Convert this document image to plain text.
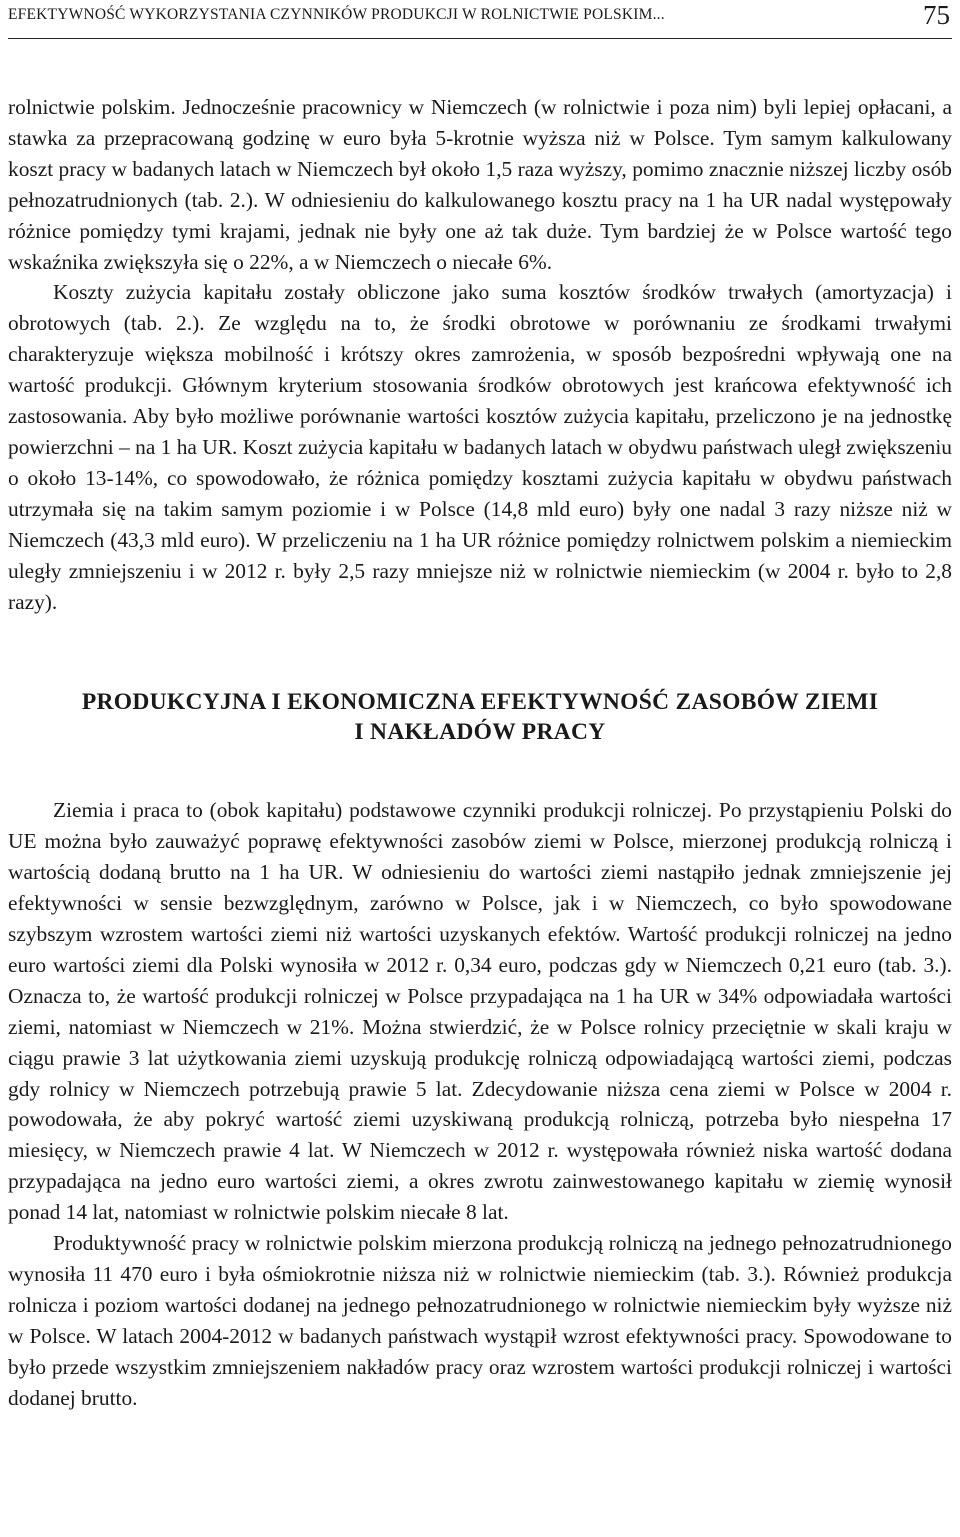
EFEKTYWNOŚĆ WYKORZYSTANIA CZYNNIKÓW PRODUKCJI W ROLNICTWIE POLSKIM...	75

rolnictwie polskim. Jednocześnie pracownicy w Niemczech (w rolnictwie i poza nim) byli lepiej opłacani, a stawka za przepracowaną godzinę w euro była 5-krotnie wyższa niż w Polsce. Tym samym kalkulowany koszt pracy w badanych latach w Niemczech był około 1,5 raza wyższy, pomimo znacznie niższej liczby osób pełnozatrudnionych (tab. 2.). W odniesieniu do kalkulowanego kosztu pracy na 1 ha UR nadal występowały różnice pomiędzy tymi krajami, jednak nie były one aż tak duże. Tym bardziej że w Polsce wartość tego wskaźnika zwiększyła się o 22%, a w Niemczech o niecałe 6%.

Koszty zużycia kapitału zostały obliczone jako suma kosztów środków trwałych (amortyzacja) i obrotowych (tab. 2.). Ze względu na to, że środki obrotowe w porównaniu ze środkami trwałymi charakteryzuje większa mobilność i krótszy okres zamrożenia, w sposób bezpośredni wpływają one na wartość produkcji. Głównym kryterium stosowania środków obrotowych jest krańcowa efektywność ich zastosowania. Aby było możliwe porównanie wartości kosztów zużycia kapitału, przeliczono je na jednostkę powierzchni – na 1 ha UR. Koszt zużycia kapitału w badanych latach w obydwu państwach uległ zwiększeniu o około 13-14%, co spowodowało, że różnica pomiędzy kosztami zużycia kapitału w obydwu państwach utrzymała się na takim samym poziomie i w Polsce (14,8 mld euro) były one nadal 3 razy niższe niż w Niemczech (43,3 mld euro). W przeliczeniu na 1 ha UR różnice pomiędzy rolnictwem polskim a niemieckim uległy zmniejszeniu i w 2012 r. były 2,5 razy mniejsze niż w rolnictwie niemieckim (w 2004 r. było to 2,8 razy).

PRODUKCYJNA I EKONOMICZNA EFEKTYWNOŚĆ ZASOBÓW ZIEMI
I NAKŁADÓW PRACY

Ziemia i praca to (obok kapitału) podstawowe czynniki produkcji rolniczej. Po przystąpieniu Polski do UE można było zauważyć poprawę efektywności zasobów ziemi w Polsce, mierzonej produkcją rolniczą i wartością dodaną brutto na 1 ha UR. W odniesieniu do wartości ziemi nastąpiło jednak zmniejszenie jej efektywności w sensie bezwzględnym, zarówno w Polsce, jak i w Niemczech, co było spowodowane szybszym wzrostem wartości ziemi niż wartości uzyskanych efektów. Wartość produkcji rolniczej na jedno euro wartości ziemi dla Polski wynosiła w 2012 r. 0,34 euro, podczas gdy w Niemczech 0,21 euro (tab. 3.). Oznacza to, że wartość produkcji rolniczej w Polsce przypadająca na 1 ha UR w 34% odpowiadała wartości ziemi, natomiast w Niemczech w 21%. Można stwierdzić, że w Polsce rolnicy przeciętnie w skali kraju w ciągu prawie 3 lat użytkowania ziemi uzyskują produkcję rolniczą odpowiadającą wartości ziemi, podczas gdy rolnicy w Niemczech potrzebują prawie 5 lat. Zdecydowanie niższa cena ziemi w Polsce w 2004 r. powodowała, że aby pokryć wartość ziemi uzyskiwaną produkcją rolniczą, potrzeba było niespełna 17 miesięcy, w Niemczech prawie 4 lat. W Niemczech w 2012 r. występowała również niska wartość dodana przypadająca na jedno euro wartości ziemi, a okres zwrotu zainwestowanego kapitału w ziemię wynosił ponad 14 lat, natomiast w rolnictwie polskim niecałe 8 lat.

Produktywność pracy w rolnictwie polskim mierzona produkcją rolniczą na jednego pełnozatrudnionego wynosiła 11 470 euro i była ośmiokrotnie niższa niż w rolnictwie niemieckim (tab. 3.). Również produkcja rolnicza i poziom wartości dodanej na jednego pełnozatrudnionego w rolnictwie niemieckim były wyższe niż w Polsce. W latach 2004-2012 w badanych państwach wystąpił wzrost efektywności pracy. Spowodowane to było przede wszystkim zmniejszeniem nakładów pracy oraz wzrostem wartości produkcji rolniczej i wartości dodanej brutto.
